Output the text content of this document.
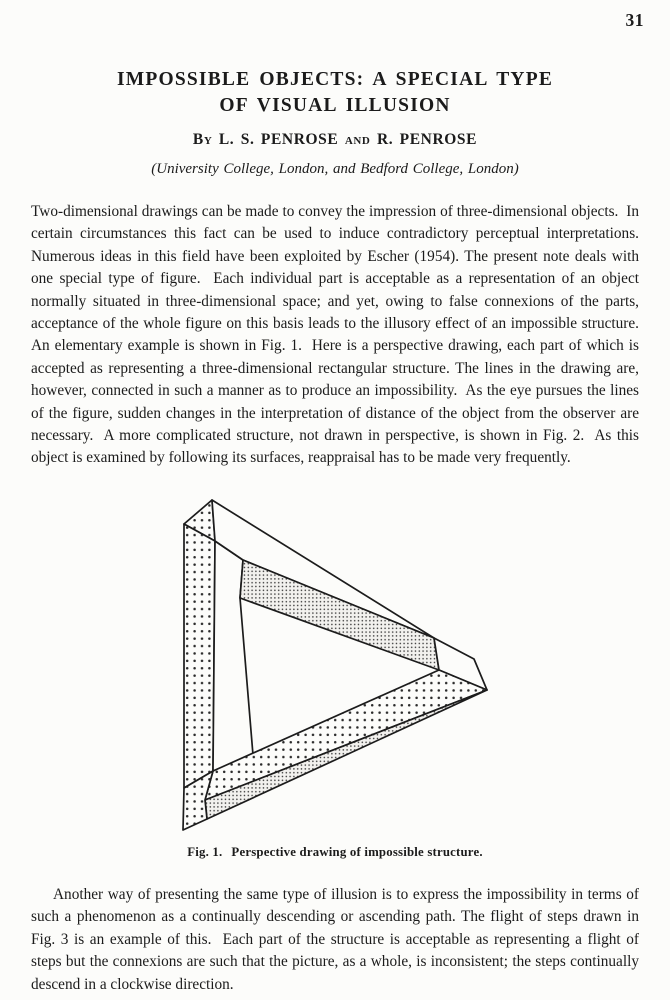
31
IMPOSSIBLE OBJECTS: A SPECIAL TYPE
OF VISUAL ILLUSION
By L. S. PENROSE and R. PENROSE
(University College, London, and Bedford College, London)
Two-dimensional drawings can be made to convey the impression of three-dimensional objects.  In certain circumstances this fact can be used to induce contradictory perceptual interpretations.  Numerous ideas in this field have been exploited by Escher (1954). The present note deals with one special type of figure.  Each individual part is acceptable as a representation of an object normally situated in three-dimensional space; and yet, owing to false connexions of the parts, acceptance of the whole figure on this basis leads to the illusory effect of an impossible structure.  An elementary example is shown in Fig. 1.  Here is a perspective drawing, each part of which is accepted as representing a three-dimensional rectangular structure. The lines in the drawing are, however, connected in such a manner as to produce an impossibility.  As the eye pursues the lines of the figure, sudden changes in the interpretation of distance of the object from the observer are necessary.  A more complicated structure, not drawn in perspective, is shown in Fig. 2.  As this object is examined by following its surfaces, reappraisal has to be made very frequently.
Fig. 1. Perspective drawing of impossible structure.
Another way of presenting the same type of illusion is to express the impossibility in terms of such a phenomenon as a continually descending or ascending path. The flight of steps drawn in Fig. 3 is an example of this.  Each part of the structure is acceptable as representing a flight of steps but the connexions are such that the picture, as a whole, is inconsistent; the steps continually descend in a clockwise direction.
